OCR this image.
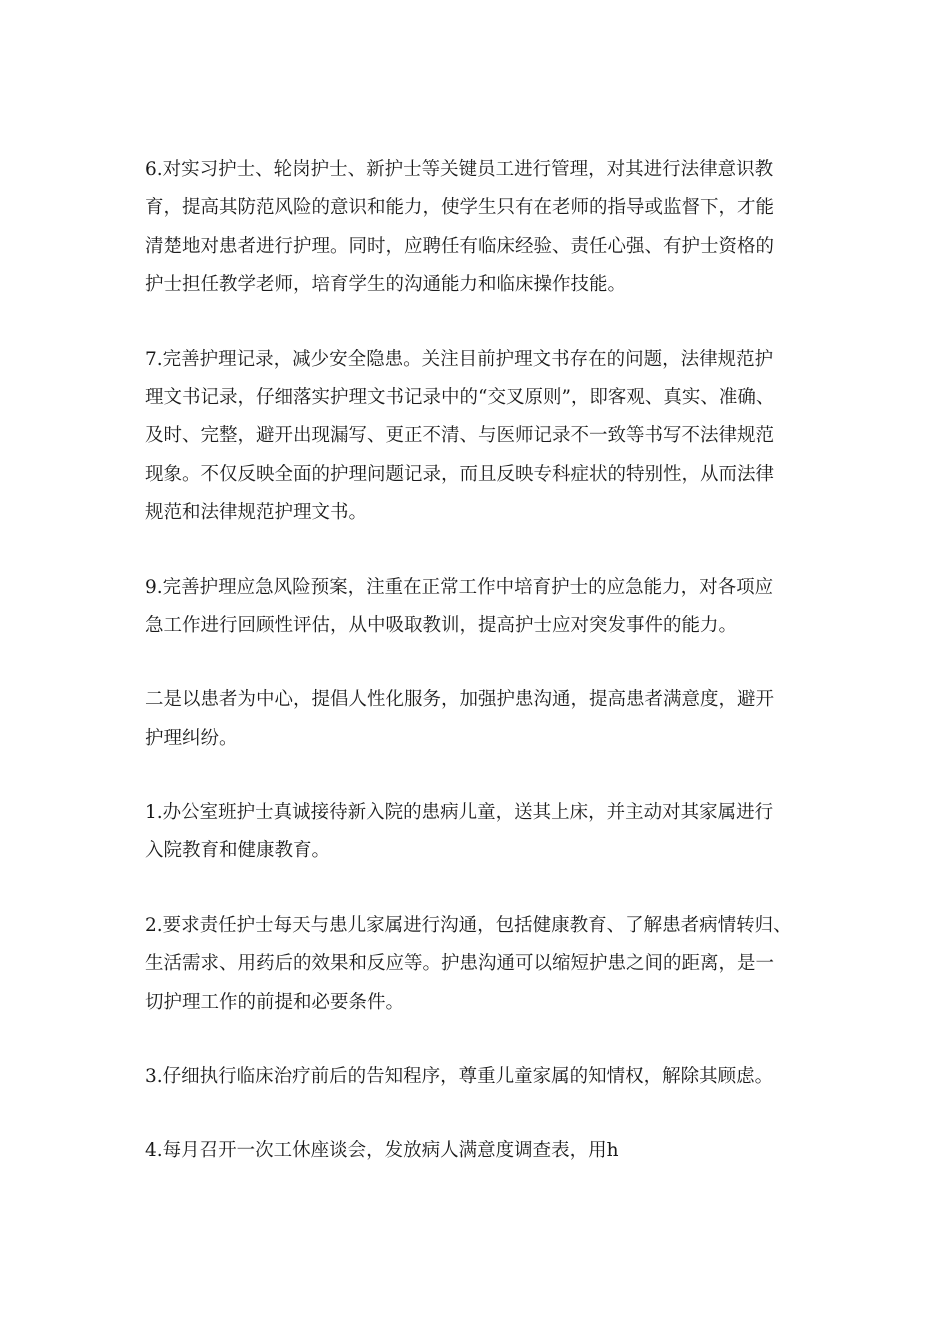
6.对实习护士、轮岗护士、新护士等关键员工进行管理，对其进行法律意识教
育，提高其防范风险的意识和能力，使学生只有在老师的指导或监督下，才能
清楚地对患者进行护理。同时，应聘任有临床经验、责任心强、有护士资格的
护士担任教学老师，培育学生的沟通能力和临床操作技能。
7.完善护理记录，减少安全隐患。关注目前护理文书存在的问题，法律规范护
理文书记录，仔细落实护理文书记录中的“交叉原则”，即客观、真实、准确、
及时、完整，避开出现漏写、更正不清、与医师记录不一致等书写不法律规范
现象。不仅反映全面的护理问题记录，而且反映专科症状的特别性，从而法律
规范和法律规范护理文书。
9.完善护理应急风险预案，注重在正常工作中培育护士的应急能力，对各项应
急工作进行回顾性评估，从中吸取教训，提高护士应对突发事件的能力。
二是以患者为中心，提倡人性化服务，加强护患沟通，提高患者满意度，避开
护理纠纷。
1.办公室班护士真诚接待新入院的患病儿童，送其上床，并主动对其家属进行
入院教育和健康教育。
2.要求责任护士每天与患儿家属进行沟通，包括健康教育、了解患者病情转归、
生活需求、用药后的效果和反应等。护患沟通可以缩短护患之间的距离，是一
切护理工作的前提和必要条件。
3.仔细执行临床治疗前后的告知程序，尊重儿童家属的知情权，解除其顾虑。
4.每月召开一次工休座谈会，发放病人满意度调查表，用h
